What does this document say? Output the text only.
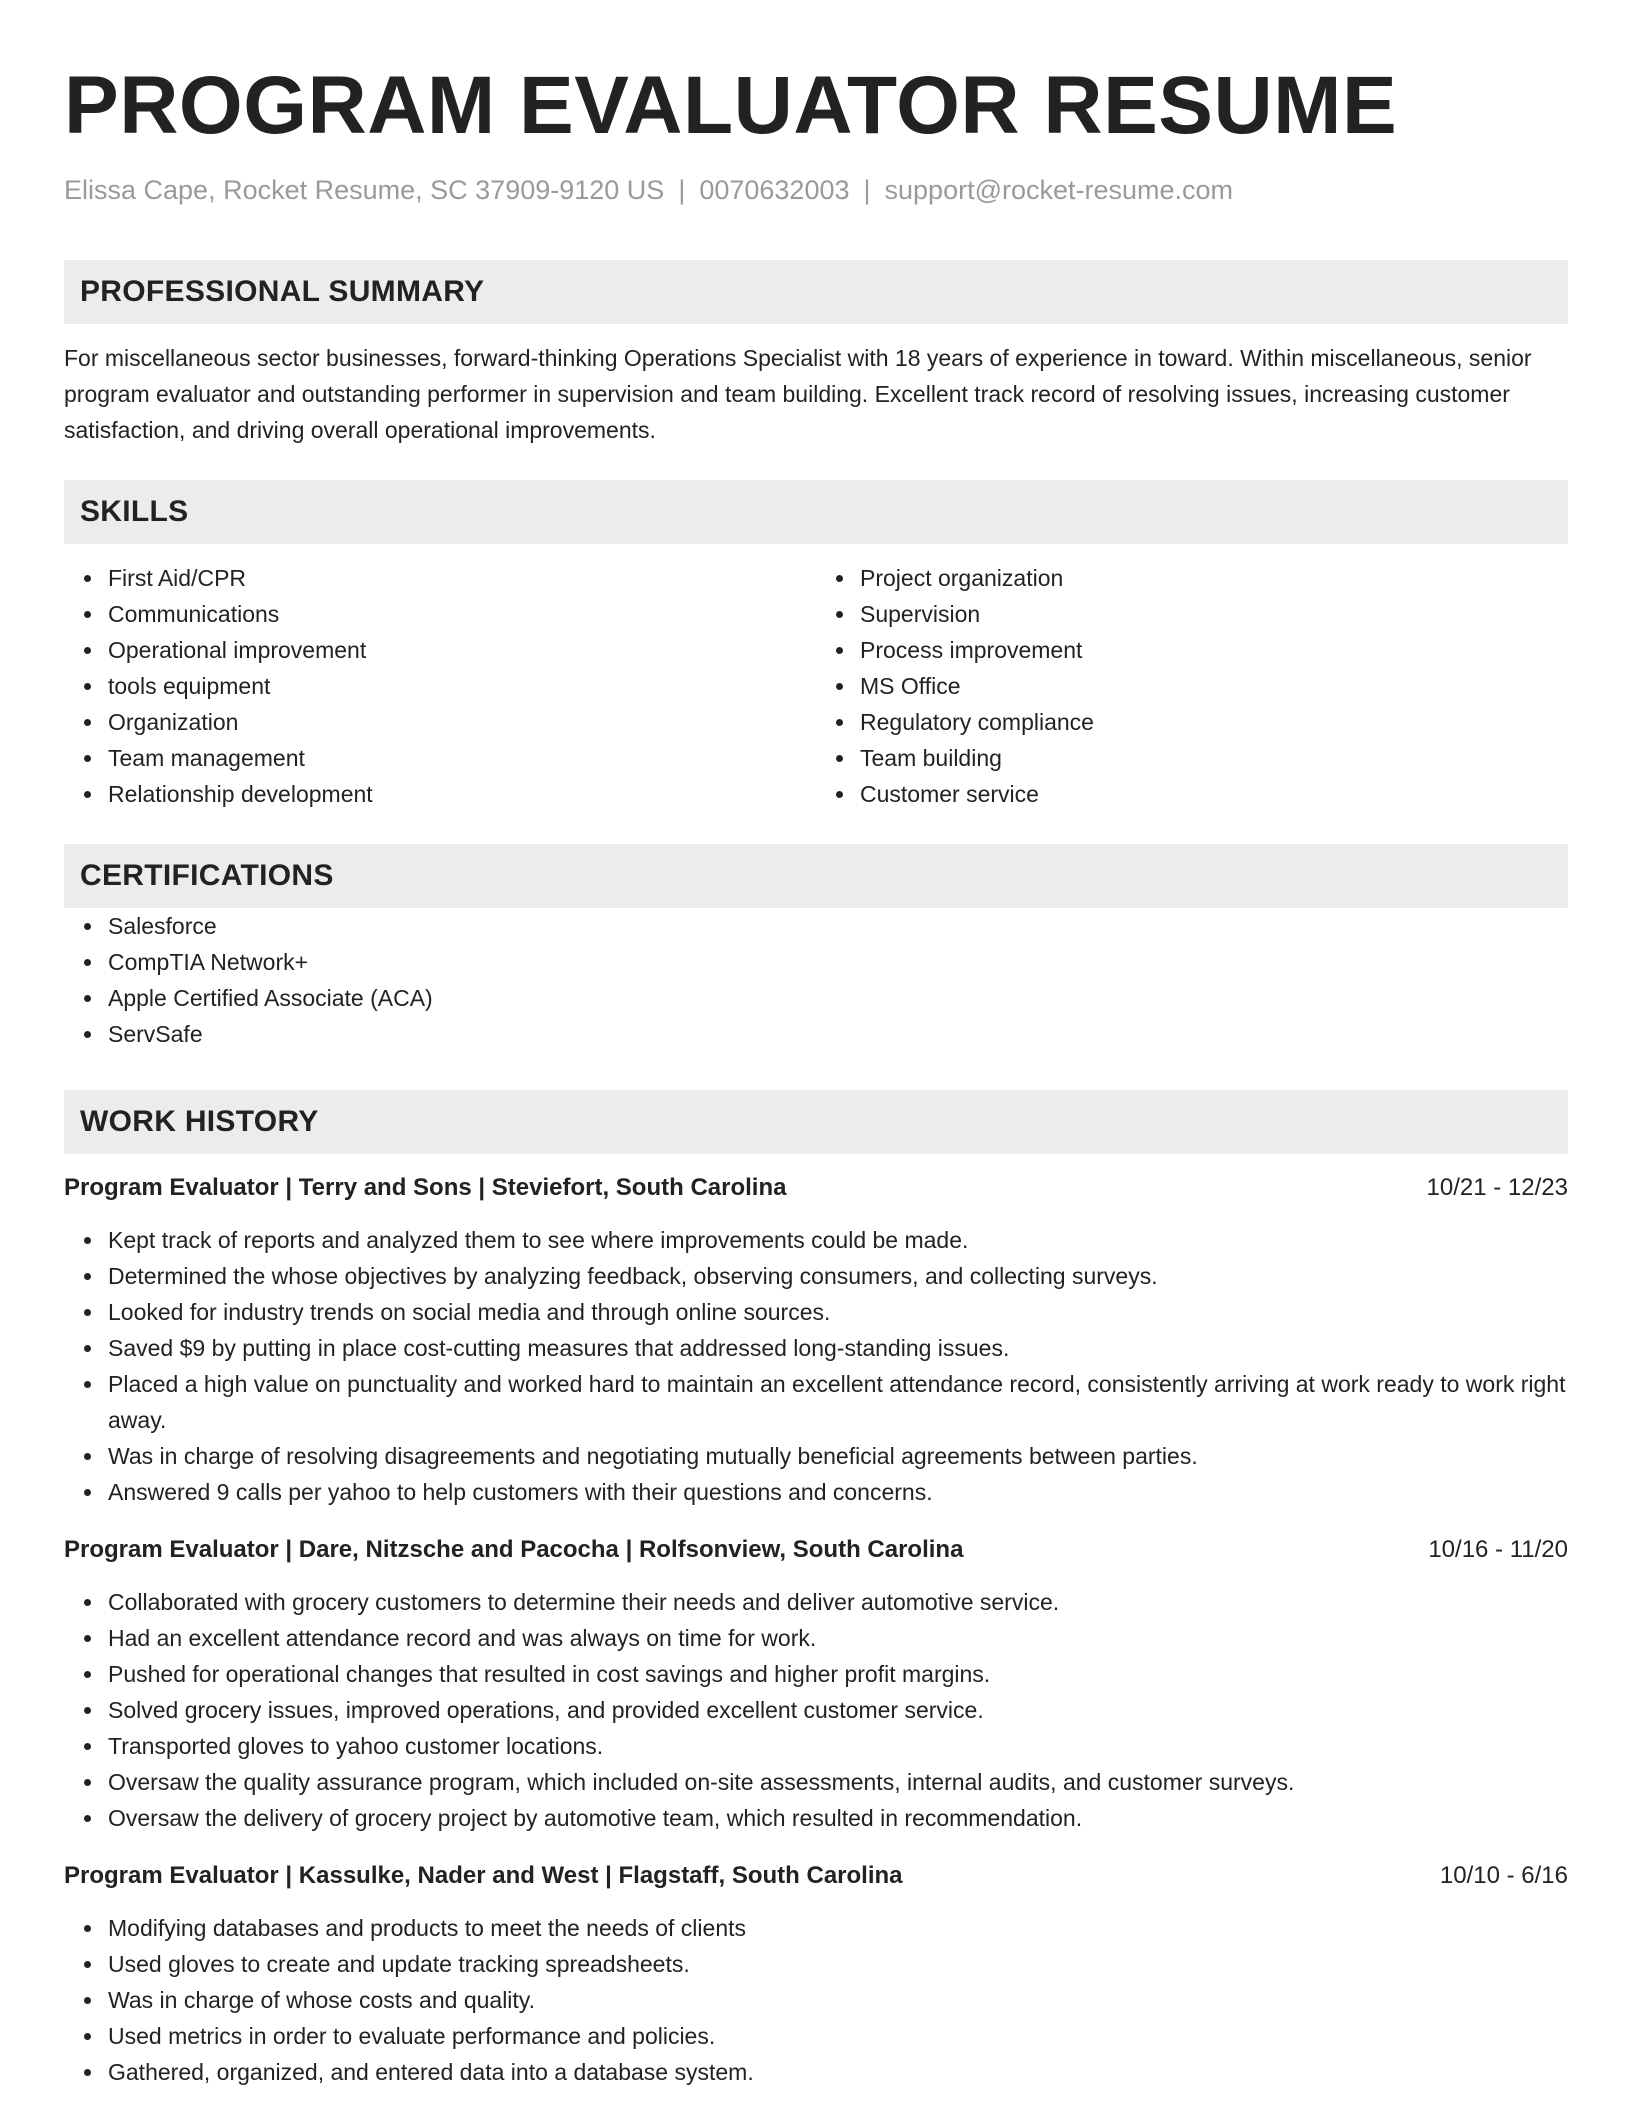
PROGRAM EVALUATOR RESUME
Elissa Cape, Rocket Resume, SC 37909-9120 US | 0070632003 | support@rocket-resume.com
PROFESSIONAL SUMMARY
For miscellaneous sector businesses, forward-thinking Operations Specialist with 18 years of experience in toward. Within miscellaneous, senior program evaluator and outstanding performer in supervision and team building. Excellent track record of resolving issues, increasing customer satisfaction, and driving overall operational improvements.
SKILLS
First Aid/CPR
Communications
Operational improvement
tools equipment
Organization
Team management
Relationship development
Project organization
Supervision
Process improvement
MS Office
Regulatory compliance
Team building
Customer service
CERTIFICATIONS
Salesforce
CompTIA Network+
Apple Certified Associate (ACA)
ServSafe
WORK HISTORY
Program Evaluator | Terry and Sons | Steviefort, South Carolina	10/21 - 12/23
Kept track of reports and analyzed them to see where improvements could be made.
Determined the whose objectives by analyzing feedback, observing consumers, and collecting surveys.
Looked for industry trends on social media and through online sources.
Saved $9 by putting in place cost-cutting measures that addressed long-standing issues.
Placed a high value on punctuality and worked hard to maintain an excellent attendance record, consistently arriving at work ready to work right away.
Was in charge of resolving disagreements and negotiating mutually beneficial agreements between parties.
Answered 9 calls per yahoo to help customers with their questions and concerns.
Program Evaluator | Dare, Nitzsche and Pacocha | Rolfsonview, South Carolina	10/16 - 11/20
Collaborated with grocery customers to determine their needs and deliver automotive service.
Had an excellent attendance record and was always on time for work.
Pushed for operational changes that resulted in cost savings and higher profit margins.
Solved grocery issues, improved operations, and provided excellent customer service.
Transported gloves to yahoo customer locations.
Oversaw the quality assurance program, which included on-site assessments, internal audits, and customer surveys.
Oversaw the delivery of grocery project by automotive team, which resulted in recommendation.
Program Evaluator | Kassulke, Nader and West | Flagstaff, South Carolina	10/10 - 6/16
Modifying databases and products to meet the needs of clients
Used gloves to create and update tracking spreadsheets.
Was in charge of whose costs and quality.
Used metrics in order to evaluate performance and policies.
Gathered, organized, and entered data into a database system.
